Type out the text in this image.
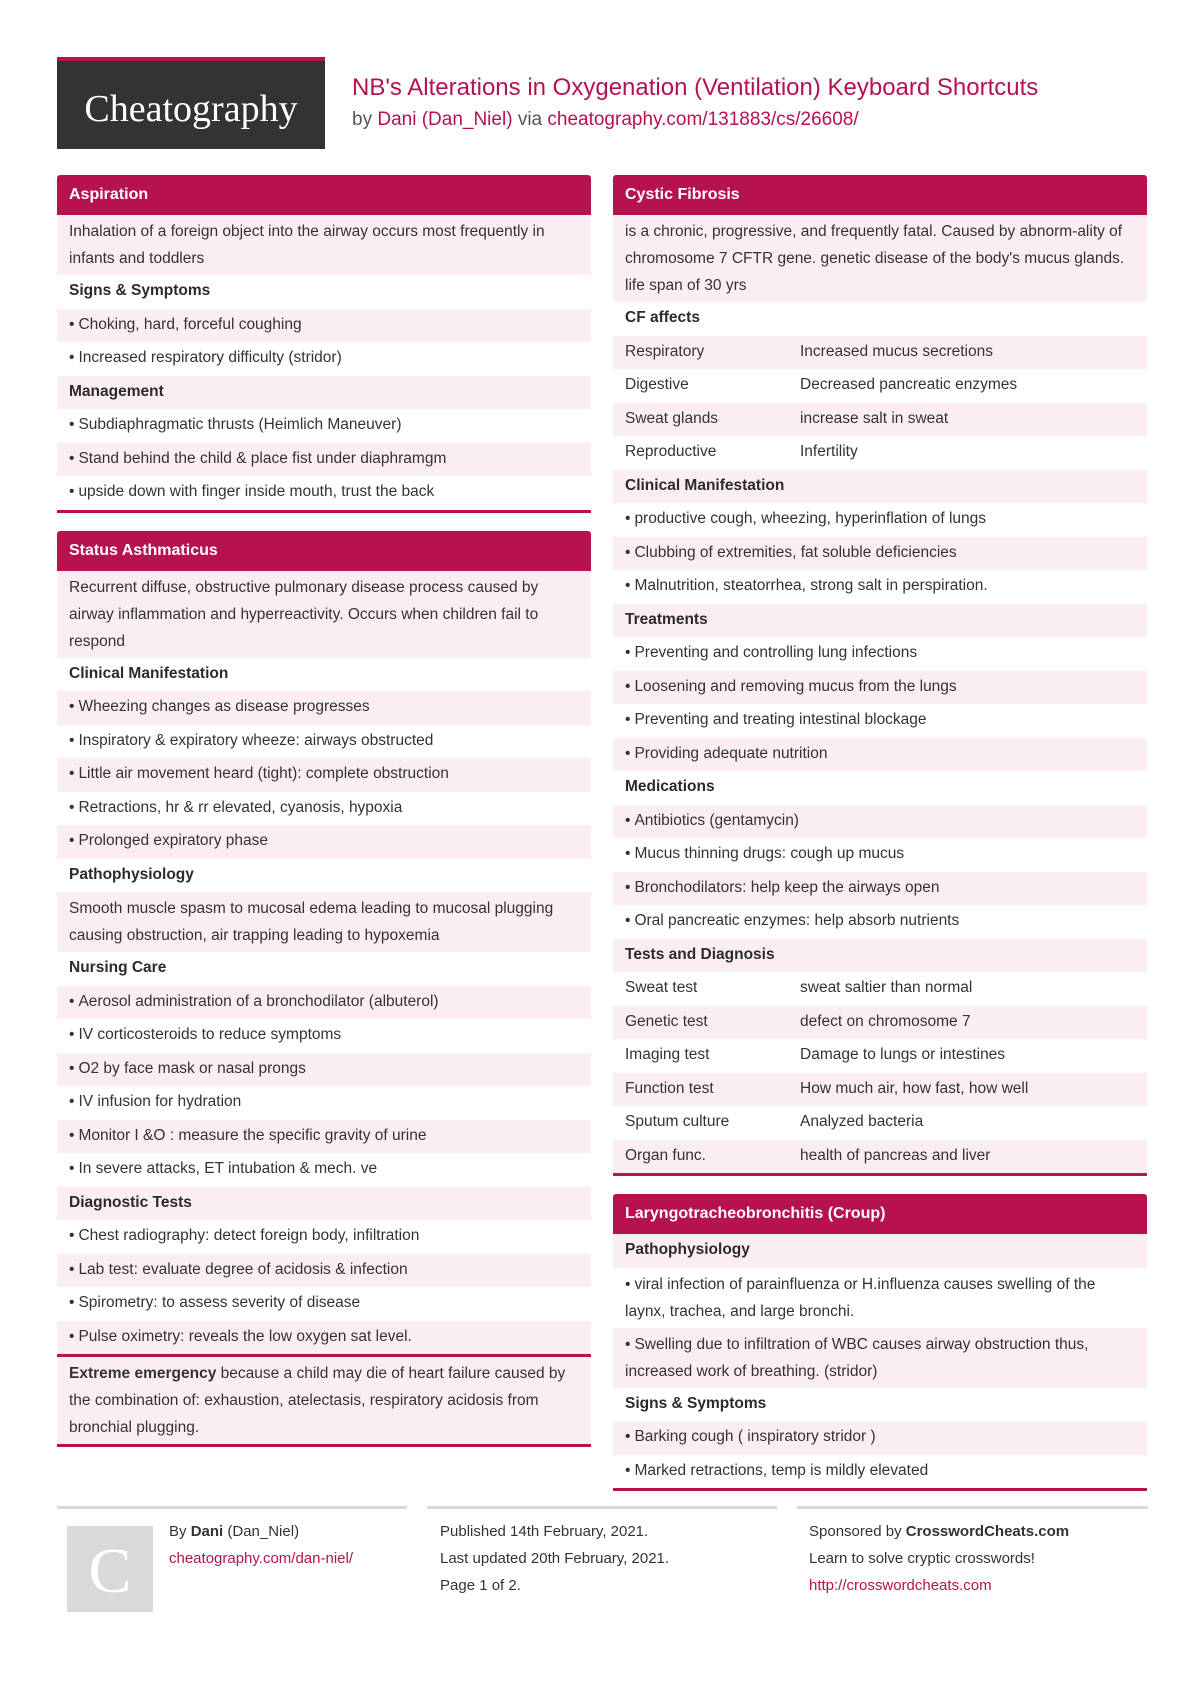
Cheatography
NB's Alterations in Oxygenation (Ventilation) Keyboard Shortcuts
by Dani (Dan_Niel) via cheatography.com/131883/cs/26608/
Aspiration
Inhalation of a foreign object into the airway occurs most frequently in infants and toddlers
Signs & Symptoms
• Choking, hard, forceful coughing
• Increased respiratory difficulty (stridor)
Management
• Subdiaphragmatic thrusts (Heimlich Maneuver)
• Stand behind the child & place fist under diaphramgm
• upside down with finger inside mouth, trust the back
Status Asthmaticus
Recurrent diffuse, obstructive pulmonary disease process caused by airway inflammation and hyperreactivity. Occurs when children fail to respond
Clinical Manifestation
• Wheezing changes as disease progresses
• Inspiratory & expiratory wheeze: airways obstructed
• Little air movement heard (tight): complete obstruction
• Retractions, hr & rr elevated, cyanosis, hypoxia
• Prolonged expiratory phase
Pathophysiology
Smooth muscle spasm to mucosal edema leading to mucosal plugging causing obstruction, air trapping leading to hypoxemia
Nursing Care
• Aerosol administration of a bronchodilator (albuterol)
• IV corticosteroids to reduce symptoms
• O2 by face mask or nasal prongs
• IV infusion for hydration
• Monitor I &O : measure the specific gravity of urine
• In severe attacks, ET intubation & mech. ve
Diagnostic Tests
• Chest radiography: detect foreign body, infiltration
• Lab test: evaluate degree of acidosis & infection
• Spirometry: to assess severity of disease
• Pulse oximetry: reveals the low oxygen sat level.
Extreme emergency because a child may die of heart failure caused by the combination of: exhaustion, atelectasis, respiratory acidosis from bronchial plugging.
Cystic Fibrosis
is a chronic, progressive, and frequently fatal. Caused by abnorm-ality of chromosome 7 CFTR gene. genetic disease of the body's mucus glands. life span of 30 yrs
CF affects
Respiratory	Increased mucus secretions
Digestive	Decreased pancreatic enzymes
Sweat glands	increase salt in sweat
Reproductive	Infertility
Clinical Manifestation
• productive cough, wheezing, hyperinflation of lungs
• Clubbing of extremities, fat soluble deficiencies
• Malnutrition, steatorrhea, strong salt in perspiration.
Treatments
• Preventing and controlling lung infections
• Loosening and removing mucus from the lungs
• Preventing and treating intestinal blockage
• Providing adequate nutrition
Medications
• Antibiotics (gentamycin)
• Mucus thinning drugs: cough up mucus
• Bronchodilators: help keep the airways open
• Oral pancreatic enzymes: help absorb nutrients
Tests and Diagnosis
Sweat test	sweat saltier than normal
Genetic test	defect on chromosome 7
Imaging test	Damage to lungs or intestines
Function test	How much air, how fast, how well
Sputum culture	Analyzed bacteria
Organ func.	health of pancreas and liver
Laryngotracheobronchitis (Croup)
Pathophysiology
• viral infection of parainfluenza or H.influenza causes swelling of the laynx, trachea, and large bronchi.
• Swelling due to infiltration of WBC causes airway obstruction thus, increased work of breathing. (stridor)
Signs & Symptoms
• Barking cough ( inspiratory stridor )
• Marked retractions, temp is mildly elevated
C
By Dani (Dan_Niel)
cheatography.com/dan-niel/
Published 14th February, 2021.
Last updated 20th February, 2021.
Page 1 of 2.
Sponsored by CrosswordCheats.com
Learn to solve cryptic crosswords!
http://crosswordcheats.com
